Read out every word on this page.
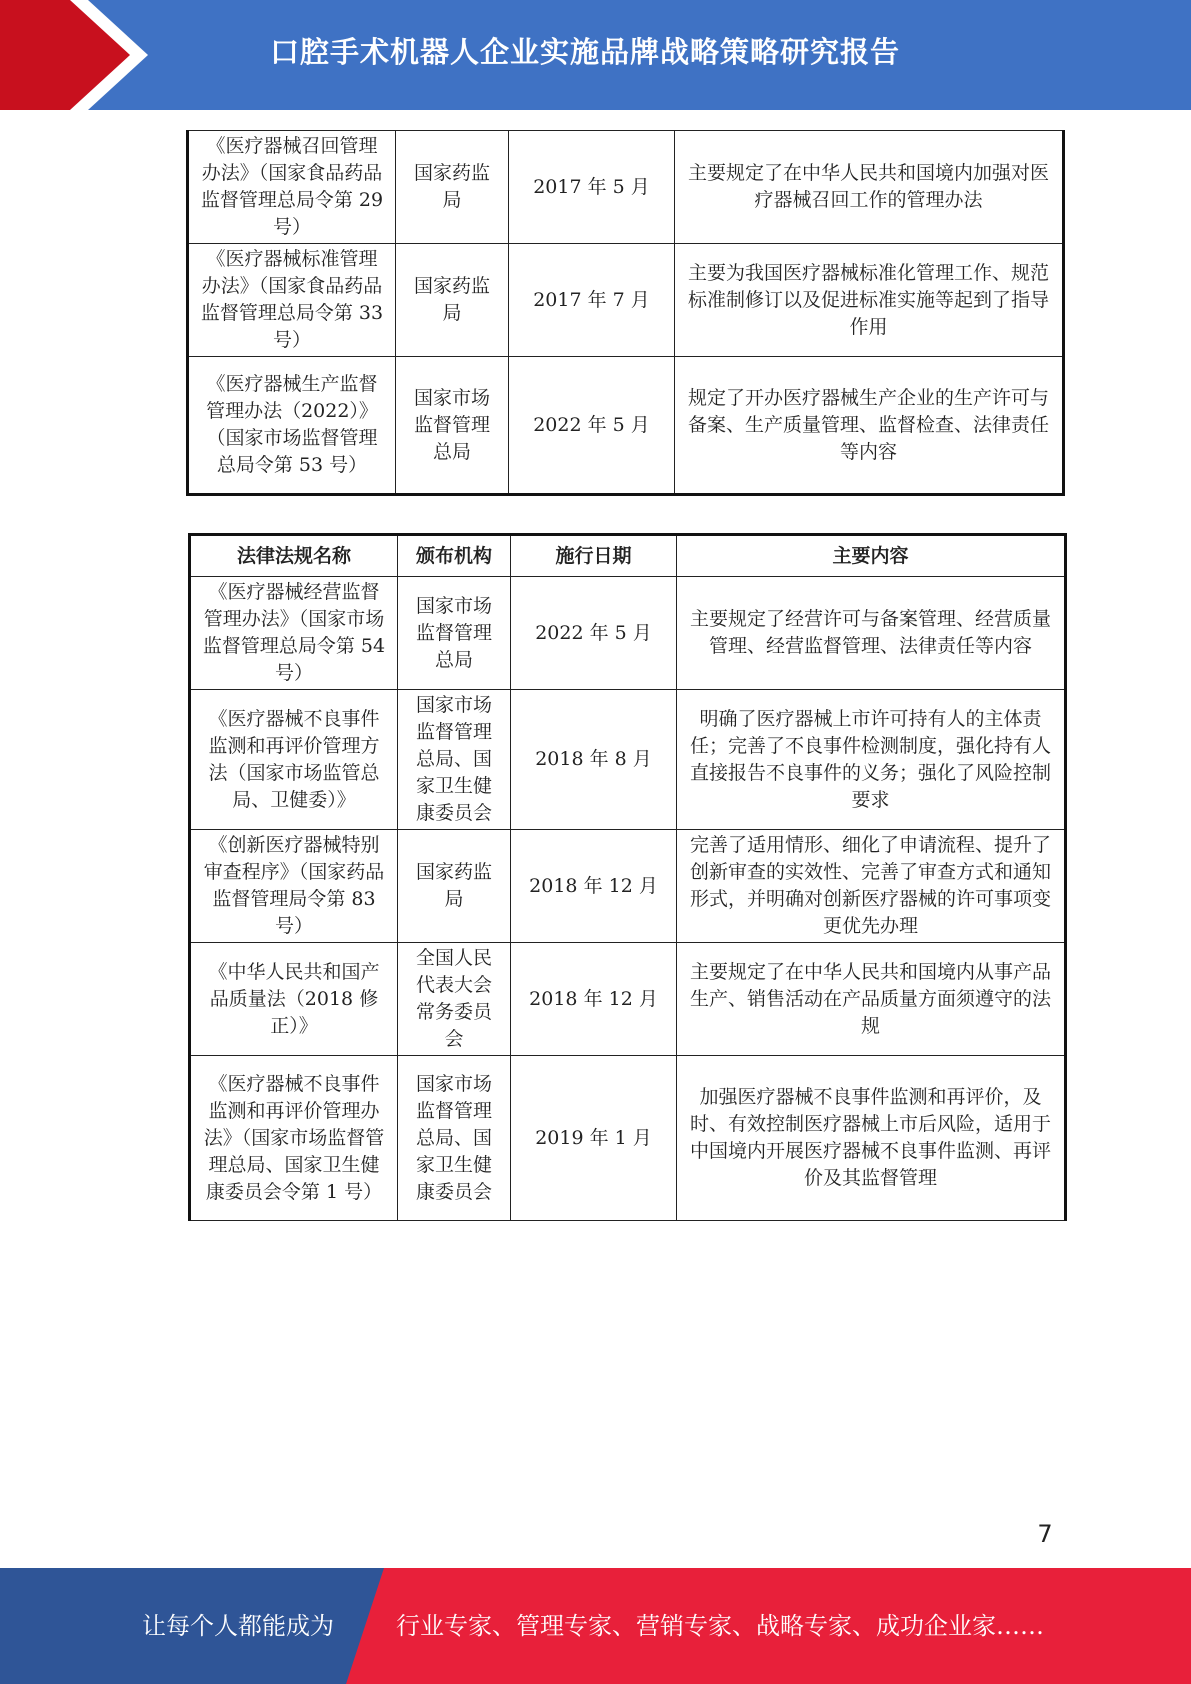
口腔手术机器人企业实施品牌战略策略研究报告
《医疗器械召回管理办法》（国家食品药品监督管理总局令第 29 号）	国家药监局	2017 年 5 月	主要规定了在中华人民共和国境内加强对医疗器械召回工作的管理办法
《医疗器械标准管理办法》（国家食品药品监督管理总局令第 33 号）	国家药监局	2017 年 7 月	主要为我国医疗器械标准化管理工作、规范标准制修订以及促进标准实施等起到了指导作用
《医疗器械生产监督管理办法（2022）》（国家市场监督管理总局令第 53 号）	国家市场监督管理总局	2022 年 5 月	规定了开办医疗器械生产企业的生产许可与备案、生产质量管理、监督检查、法律责任等内容
法律法规名称	颁布机构	施行日期	主要内容
《医疗器械经营监督管理办法》（国家市场监督管理总局令第 54 号）	国家市场监督管理总局	2022 年 5 月	主要规定了经营许可与备案管理、经营质量管理、经营监督管理、法律责任等内容
《医疗器械不良事件监测和再评价管理方法（国家市场监管总局、卫健委）》	国家市场监督管理总局、国家卫生健康委员会	2018 年 8 月	明确了医疗器械上市许可持有人的主体责任；完善了不良事件检测制度，强化持有人直接报告不良事件的义务；强化了风险控制要求
《创新医疗器械特别审查程序》（国家药品监督管理局令第 83 号）	国家药监局	2018 年 12 月	完善了适用情形、细化了申请流程、提升了创新审查的实效性、完善了审查方式和通知形式，并明确对创新医疗器械的许可事项变更优先办理
《中华人民共和国产品质量法（2018 修正）》	全国人民代表大会常务委员会	2018 年 12 月	主要规定了在中华人民共和国境内从事产品生产、销售活动在产品质量方面须遵守的法规
《医疗器械不良事件监测和再评价管理办法》（国家市场监督管理总局、国家卫生健康委员会令第 1 号）	国家市场监督管理总局、国家卫生健康委员会	2019 年 1 月	加强医疗器械不良事件监测和再评价，及时、有效控制医疗器械上市后风险，适用于中国境内开展医疗器械不良事件监测、再评价及其监督管理
7
让每个人都能成为	行业专家、管理专家、营销专家、战略专家、成功企业家……
